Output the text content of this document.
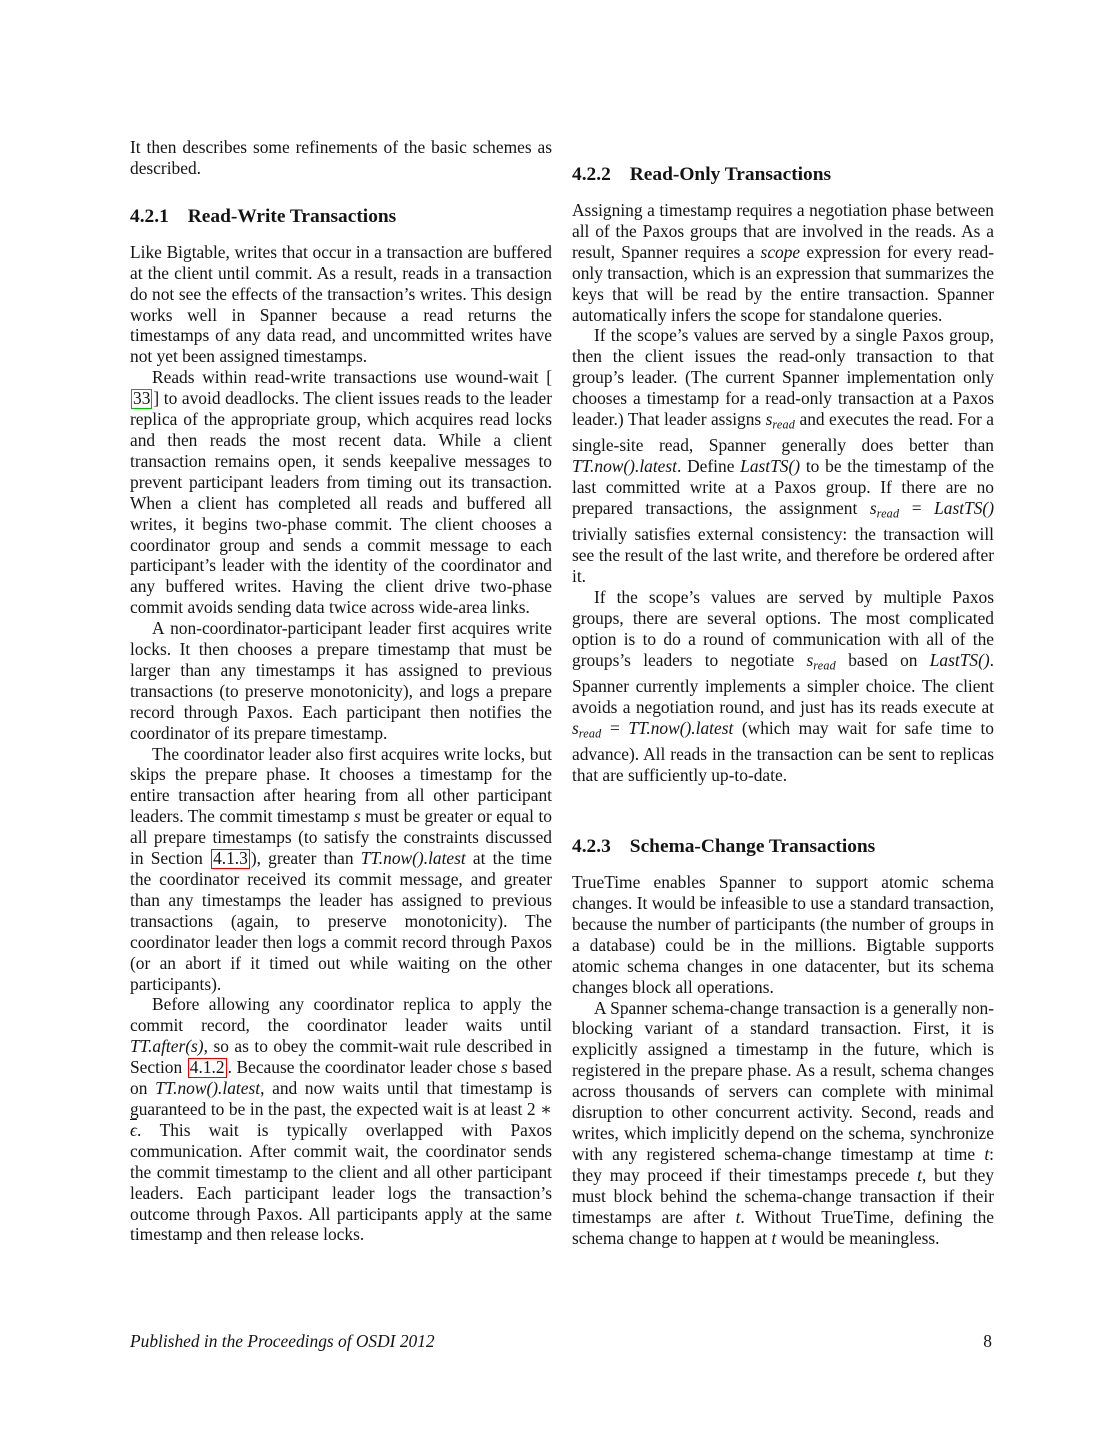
It then describes some refinements of the basic schemes as described.

4.2.1 Read-Write Transactions

Like Bigtable, writes that occur in a transaction are buffered at the client until commit. As a result, reads in a transaction do not see the effects of the transaction’s writes. This design works well in Spanner because a read returns the timestamps of any data read, and uncommitted writes have not yet been assigned timestamps.

Reads within read-write transactions use wound-wait [33 ] to avoid deadlocks. The client issues reads to the leader replica of the appropriate group, which acquires read locks and then reads the most recent data. While a client transaction remains open, it sends keepalive messages to prevent participant leaders from timing out its transaction. When a client has completed all reads and buffered all writes, it begins two-phase commit. The client chooses a coordinator group and sends a commit message to each participant’s leader with the identity of the coordinator and any buffered writes. Having the client drive two-phase commit avoids sending data twice across wide-area links.

A non-coordinator-participant leader first acquires write locks. It then chooses a prepare timestamp that must be larger than any timestamps it has assigned to previous transactions (to preserve monotonicity), and logs a prepare record through Paxos. Each participant then notifies the coordinator of its prepare timestamp.

The coordinator leader also first acquires write locks, but skips the prepare phase. It chooses a timestamp for the entire transaction after hearing from all other participant leaders. The commit timestamp s must be greater or equal to all prepare timestamps (to satisfy the constraints discussed in Section 4.1.3 ), greater than TT.now().latest at the time the coordinator received its commit message, and greater than any timestamps the leader has assigned to previous transactions (again, to preserve monotonicity). The coordinator leader then logs a commit record through Paxos (or an abort if it timed out while waiting on the other participants).

Before allowing any coordinator replica to apply the commit record, the coordinator leader waits until TT.after(s), so as to obey the commit-wait rule described in Section 4.1.2 . Because the coordinator leader chose s based on TT.now().latest, and now waits until that timestamp is guaranteed to be in the past, the expected wait is at least 2 ∗ $\overline{\epsilon}$. This wait is typically overlapped with Paxos communication. After commit wait, the coordinator sends the commit timestamp to the client and all other participant leaders. Each participant leader logs the transaction’s outcome through Paxos. All participants apply at the same timestamp and then release locks.

4.2.2 Read-Only Transactions

Assigning a timestamp requires a negotiation phase between all of the Paxos groups that are involved in the reads. As a result, Spanner requires a scope expression for every read-only transaction, which is an expression that summarizes the keys that will be read by the entire transaction. Spanner automatically infers the scope for standalone queries.

If the scope’s values are served by a single Paxos group, then the client issues the read-only transaction to that group’s leader. (The current Spanner implementation only chooses a timestamp for a read-only transaction at a Paxos leader.) That leader assigns sread and executes the read. For a single-site read, Spanner generally does better than TT.now().latest. Define LastTS() to be the timestamp of the last committed write at a Paxos group. If there are no prepared transactions, the assignment sread = LastTS() trivially satisfies external consistency: the transaction will see the result of the last write, and therefore be ordered after it.

If the scope’s values are served by multiple Paxos groups, there are several options. The most complicated option is to do a round of communication with all of the groups’s leaders to negotiate sread based on LastTS(). Spanner currently implements a simpler choice. The client avoids a negotiation round, and just has its reads execute at sread = TT.now().latest (which may wait for safe time to advance). All reads in the transaction can be sent to replicas that are sufficiently up-to-date.

4.2.3 Schema-Change Transactions

TrueTime enables Spanner to support atomic schema changes. It would be infeasible to use a standard transaction, because the number of participants (the number of groups in a database) could be in the millions. Bigtable supports atomic schema changes in one datacenter, but its schema changes block all operations.

A Spanner schema-change transaction is a generally non-blocking variant of a standard transaction. First, it is explicitly assigned a timestamp in the future, which is registered in the prepare phase. As a result, schema changes across thousands of servers can complete with minimal disruption to other concurrent activity. Second, reads and writes, which implicitly depend on the schema, synchronize with any registered schema-change timestamp at time t: they may proceed if their timestamps precede t, but they must block behind the schema-change transaction if their timestamps are after t. Without TrueTime, defining the schema change to happen at t would be meaningless.

Published in the Proceedings of OSDI 2012	8
